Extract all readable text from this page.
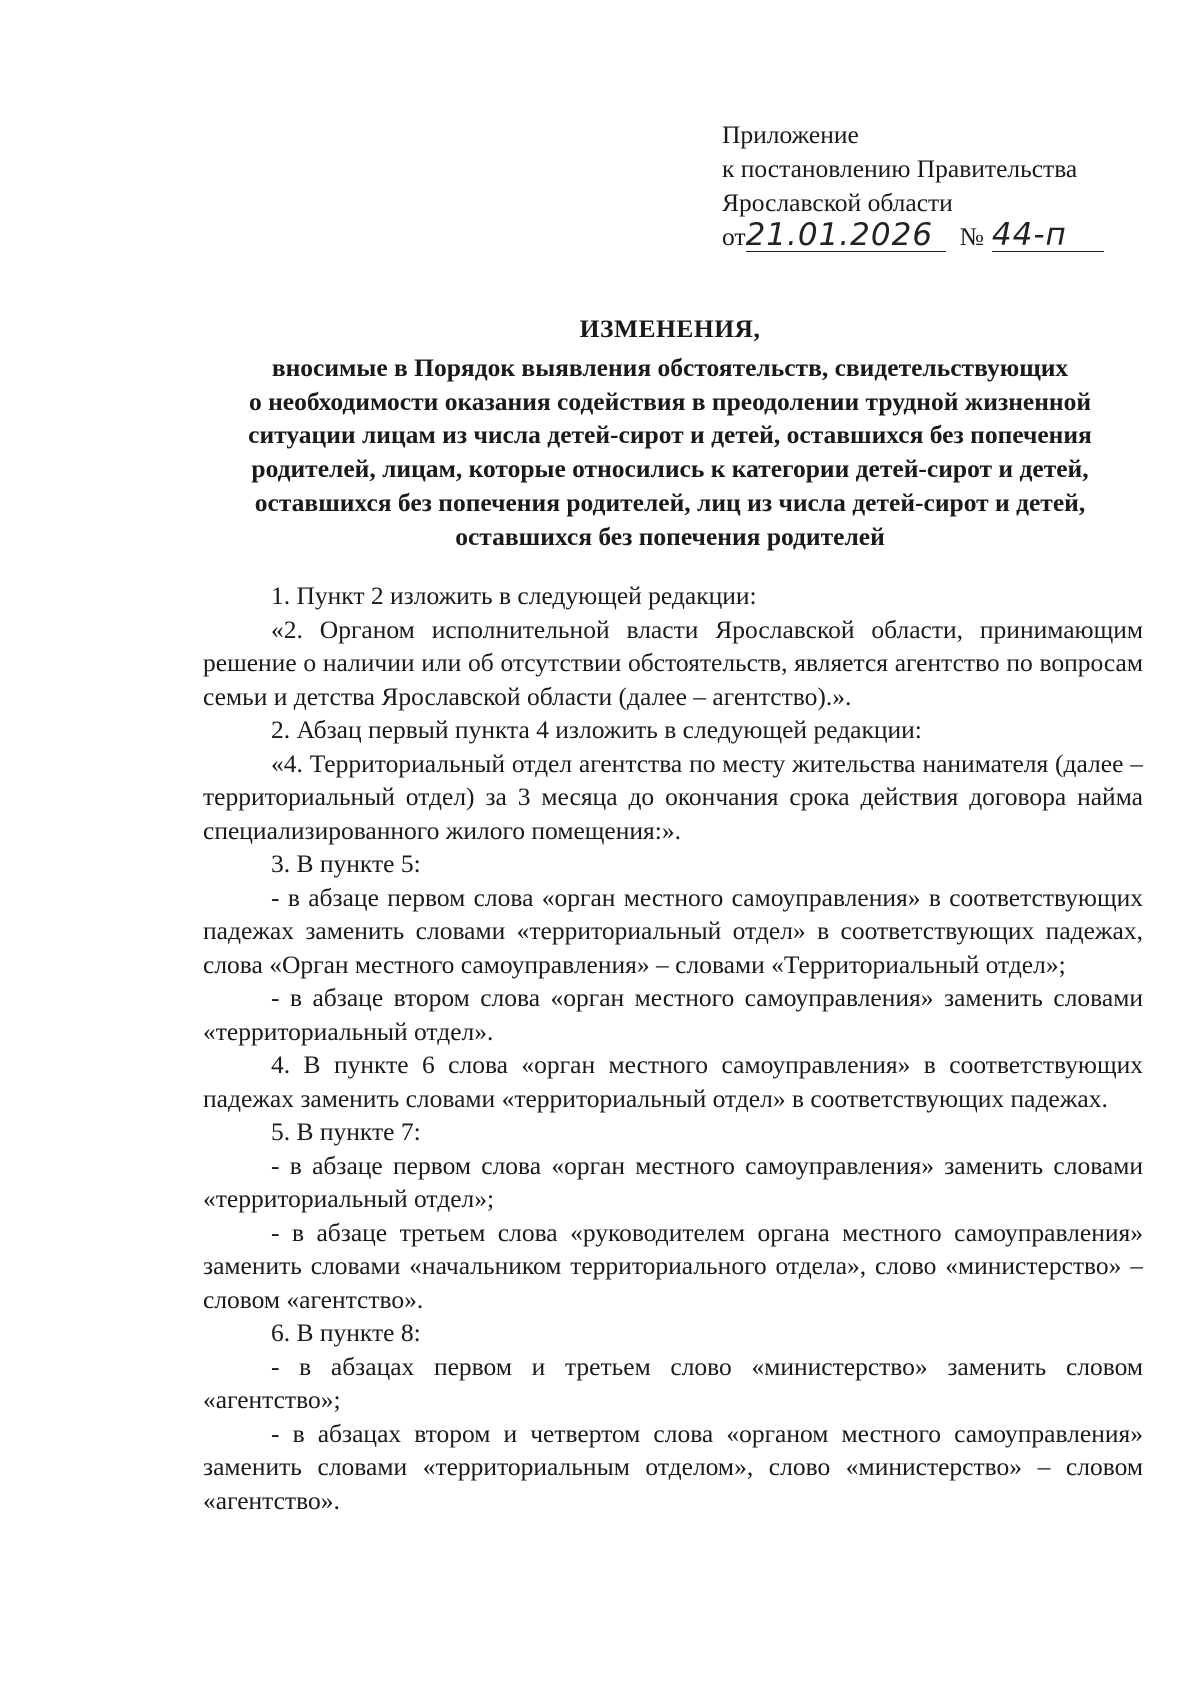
Приложение
к постановлению Правительства
Ярославской области
от21.01.2026 № 44-п
ИЗМЕНЕНИЯ,
вносимые в Порядок выявления обстоятельств, свидетельствующих
о необходимости оказания содействия в преодолении трудной жизненной
ситуации лицам из числа детей-сирот и детей, оставшихся без попечения
родителей, лицам, которые относились к категории детей-сирот и детей,
оставшихся без попечения родителей, лиц из числа детей-сирот и детей,
оставшихся без попечения родителей

1. Пункт 2 изложить в следующей редакции:

«2. Органом исполнительной власти Ярославской области, принимающим решение о наличии или об отсутствии обстоятельств, является агентство по вопросам семьи и детства Ярославской области (далее – агентство).».

2. Абзац первый пункта 4 изложить в следующей редакции:

«4. Территориальный отдел агентства по месту жительства нанимателя (далее – территориальный отдел) за 3 месяца до окончания срока действия договора найма специализированного жилого помещения:».

3. В пункте 5:

- в абзаце первом слова «орган местного самоуправления» в соответствующих падежах заменить словами «территориальный отдел» в соответствующих падежах, слова «Орган местного самоуправления» – словами «Территориальный отдел»;

- в абзаце втором слова «орган местного самоуправления» заменить словами «территориальный отдел».

4. В пункте 6 слова «орган местного самоуправления» в соответствующих падежах заменить словами «территориальный отдел» в соответствующих падежах.

5. В пункте 7:

- в абзаце первом слова «орган местного самоуправления» заменить словами «территориальный отдел»;

- в абзаце третьем слова «руководителем органа местного самоуправления» заменить словами «начальником территориального отдела», слово «министерство» – словом «агентство».

6. В пункте 8:

- в абзацах первом и третьем слово «министерство» заменить словом «агентство»;

- в абзацах втором и четвертом слова «органом местного самоуправления» заменить словами «территориальным отделом», слово «министерство» – словом «агентство».
